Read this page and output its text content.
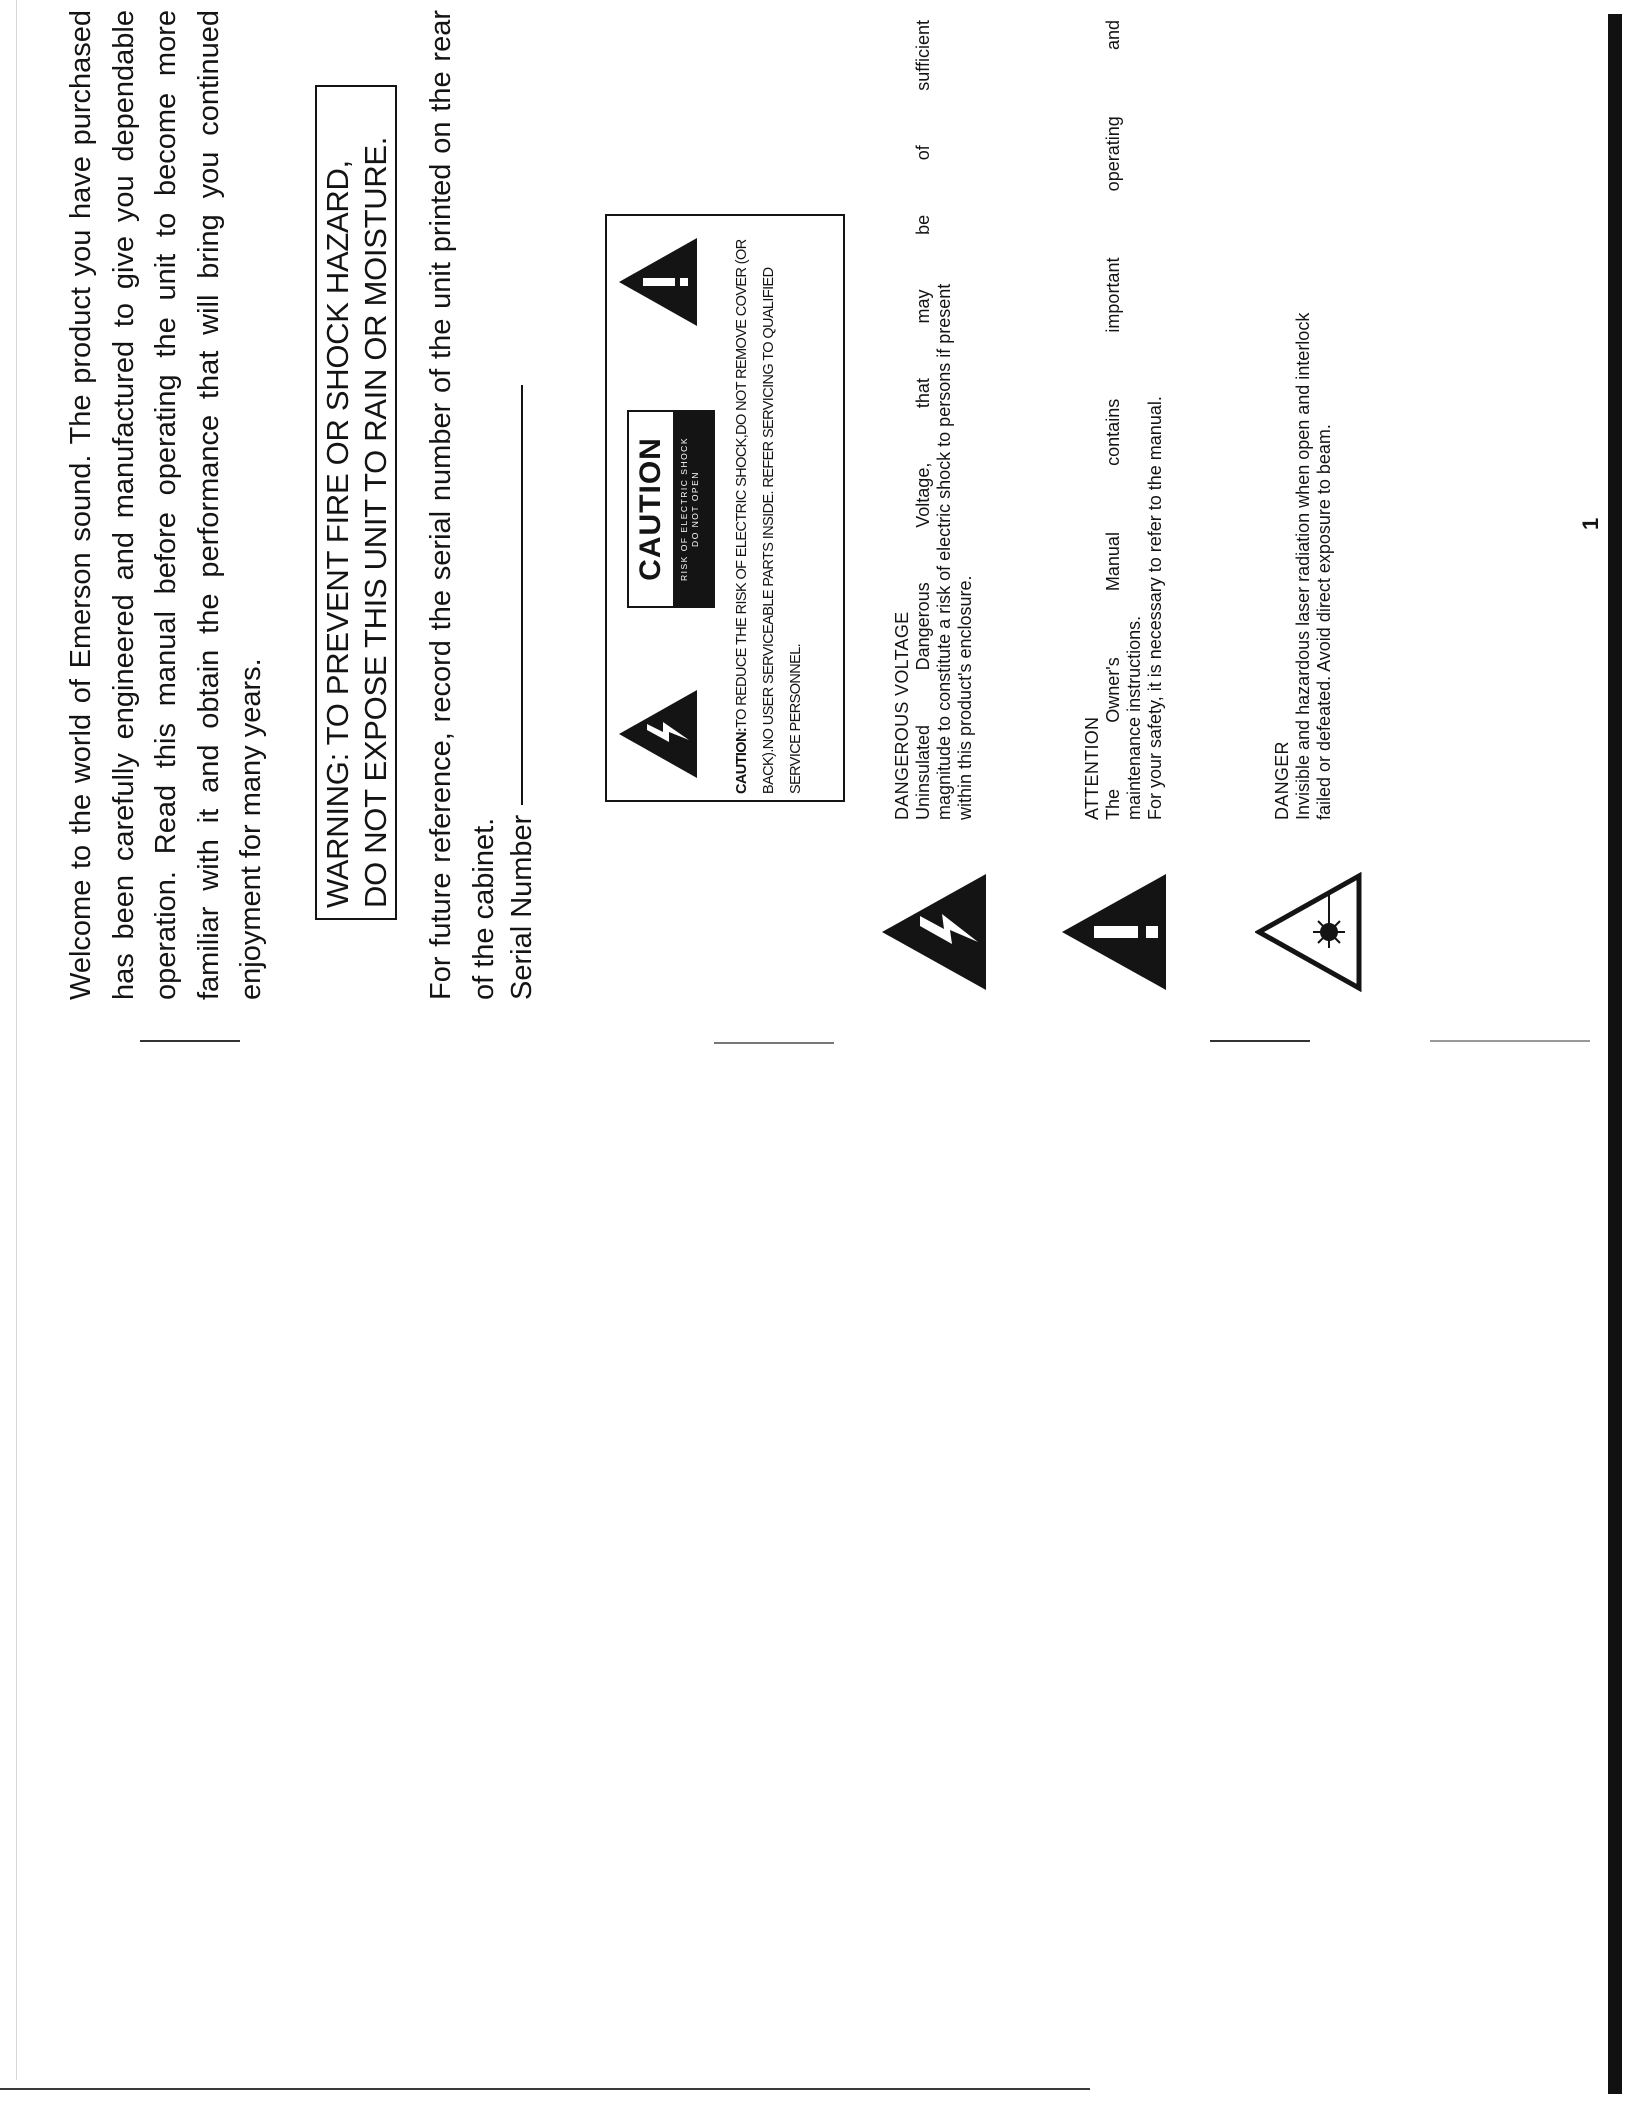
Welcome to the world of Emerson sound. The product you have purchased has been carefully engineered and manufactured to give you dependable operation. Read this manual before operating the unit to become more familiar with it and obtain the performance that will bring you continued enjoyment for many years. WARNING: TO PREVENT FIRE OR SHOCK HAZARD, DO NOT EXPOSE THIS UNIT TO RAIN OR MOISTURE. For future reference, record the serial number of the unit printed on the rear of the cabinet. Serial Number
CAUTION	RISK OF ELECTRIC SHOCK DO NOT OPEN
CAUTION:TO REDUCE THE RISK OF ELECTRIC SHOCK,DO NOT REMOVE COVER (OR BACK).NO USER SERVICEABLE PARTS INSIDE. REFER SERVICING TO QUALIFIED SERVICE PERSONNEL.	DANGEROUS VOLTAGE Uninsulated Dangerous Voltage, that may be of sufficient magnitude to constitute a risk of electric shock to persons if present within this product's enclosure.	ATTENTION The Owner's Manual contains important operating and maintenance instructions. For your safety, it is necessary to refer to the manual.	DANGER Invisible and hazardous laser radiation when open and interlock failed or defeated. Avoid direct exposure to beam.	1
